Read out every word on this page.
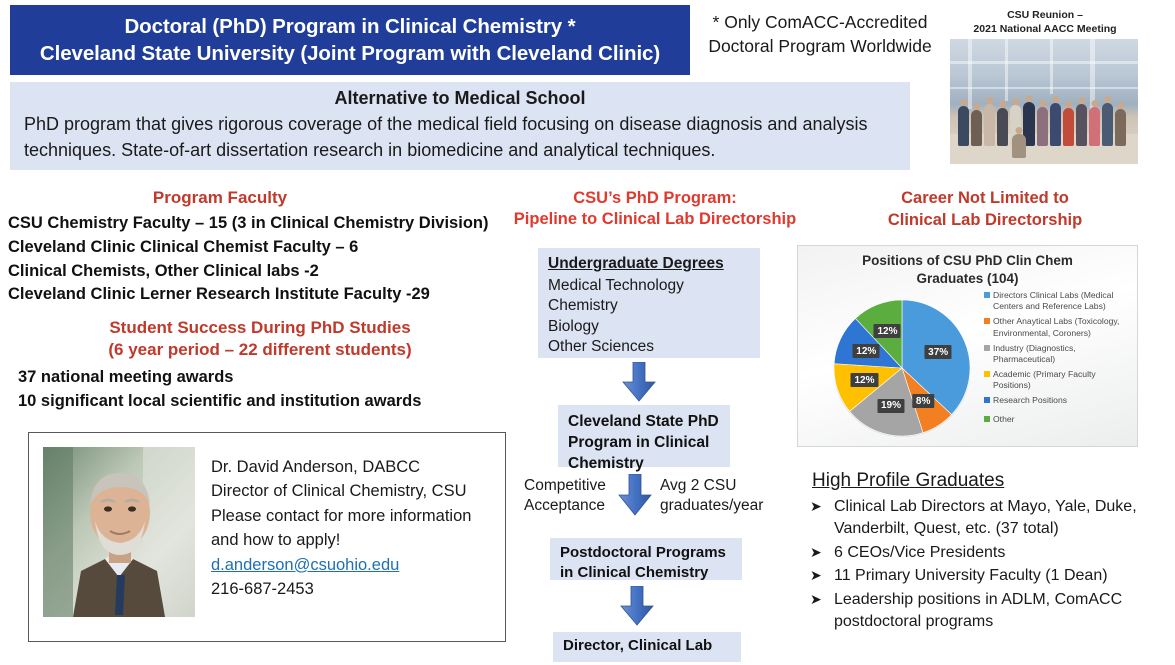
Doctoral (PhD) Program in Clinical Chemistry *
Cleveland State University (Joint Program with Cleveland Clinic)
* Only ComACC-Accredited
Doctoral Program Worldwide
CSU Reunion –
2021 National AACC Meeting
Alternative to Medical School
PhD program that gives rigorous coverage of the medical field focusing on disease diagnosis and analysis techniques. State-of-art dissertation research in biomedicine and analytical techniques.
Program Faculty
CSU Chemistry Faculty – 15 (3 in Clinical Chemistry Division)
Cleveland Clinic Clinical Chemist Faculty – 6
Clinical Chemists, Other Clinical labs -2
Cleveland Clinic Lerner Research Institute Faculty -29
Student Success During PhD Studies
(6 year period – 22 different students)
37 national meeting awards
10 significant local scientific and institution awards
Dr. David Anderson, DABCC
Director of Clinical Chemistry, CSU
Please contact for more information
and how to apply!
d.anderson@csuohio.edu
216-687-2453
CSU’s PhD Program:
Pipeline to Clinical Lab Directorship
Undergraduate Degrees
Medical Technology
Chemistry
Biology
Other Sciences
Cleveland State PhD Program in Clinical Chemistry
Competitive
Acceptance
Avg 2 CSU
graduates/year
Postdoctoral Programs in Clinical Chemistry
Director, Clinical Lab
Career Not Limited to
Clinical Lab Directorship
Positions of CSU PhD Clin Chem
Graduates (104)
37%
8%
19%
12%
12%
12%
Directors Clinical Labs (Medical Centers and Reference Labs)
Other Anaytical Labs (Toxicology, Environmental, Coroners)
Industry (Diagnostics, Pharmaceutical)
Academic (Primary Faculty Positions)
Research Positions
Other
High Profile Graduates
➤ Clinical Lab Directors at Mayo, Yale, Duke, Vanderbilt, Quest, etc. (37 total)
➤ 6 CEOs/Vice Presidents
➤ 11 Primary University Faculty (1 Dean)
➤ Leadership positions in ADLM, ComACC postdoctoral programs
